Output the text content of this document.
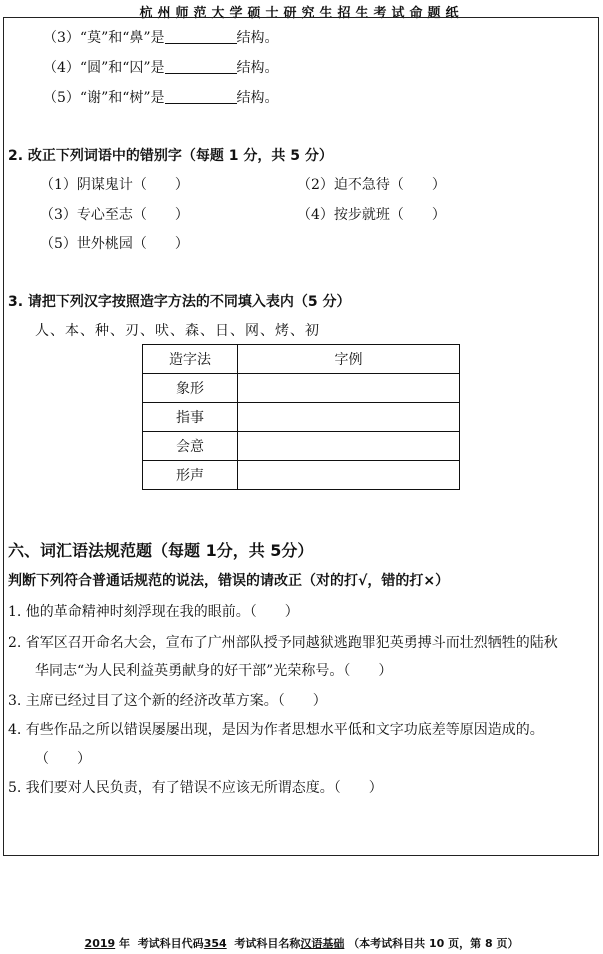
杭州师范大学硕士研究生招生考试命题纸
（3）“莫”和“鼻”是	结构。
（4）“圆”和“囚”是	结构。
（5）“谢”和“树”是	结构。
2. 改正下列词语中的错别字（每题 1 分，共 5 分）
（1）阴谋鬼计（　　）	（2）迫不急待（　　）
（3）专心至志（　　）	（4）按步就班（　　）
（5）世外桃园（　　）
3. 请把下列汉字按照造字方法的不同填入表内（5 分）
人、本、种、刃、吠、森、日、网、烤、初
六、词汇语法规范题（每题 1分，共 5分）
判断下列符合普通话规范的说法，错误的请改正（对的打√，错的打×）
1. 他的革命精神时刻浮现在我的眼前。（　　）
2. 省军区召开命名大会，宣布了广州部队授予同越狱逃跑罪犯英勇搏斗而壮烈牺牲的陆秋
华同志“为人民利益英勇献身的好干部”光荣称号。（　　）
3. 主席已经过目了这个新的经济改革方案。（　　）
4. 有些作品之所以错误屡屡出现，是因为作者思想水平低和文字功底差等原因造成的。
（　　）
5. 我们要对人民负责，有了错误不应该无所谓态度。（　　）
造字法	字例
象形	
指事	
会意	
形声	
2019 年 考试科目代码354 考试科目名称汉语基础 （本考试科目共 10 页，第 8 页）
